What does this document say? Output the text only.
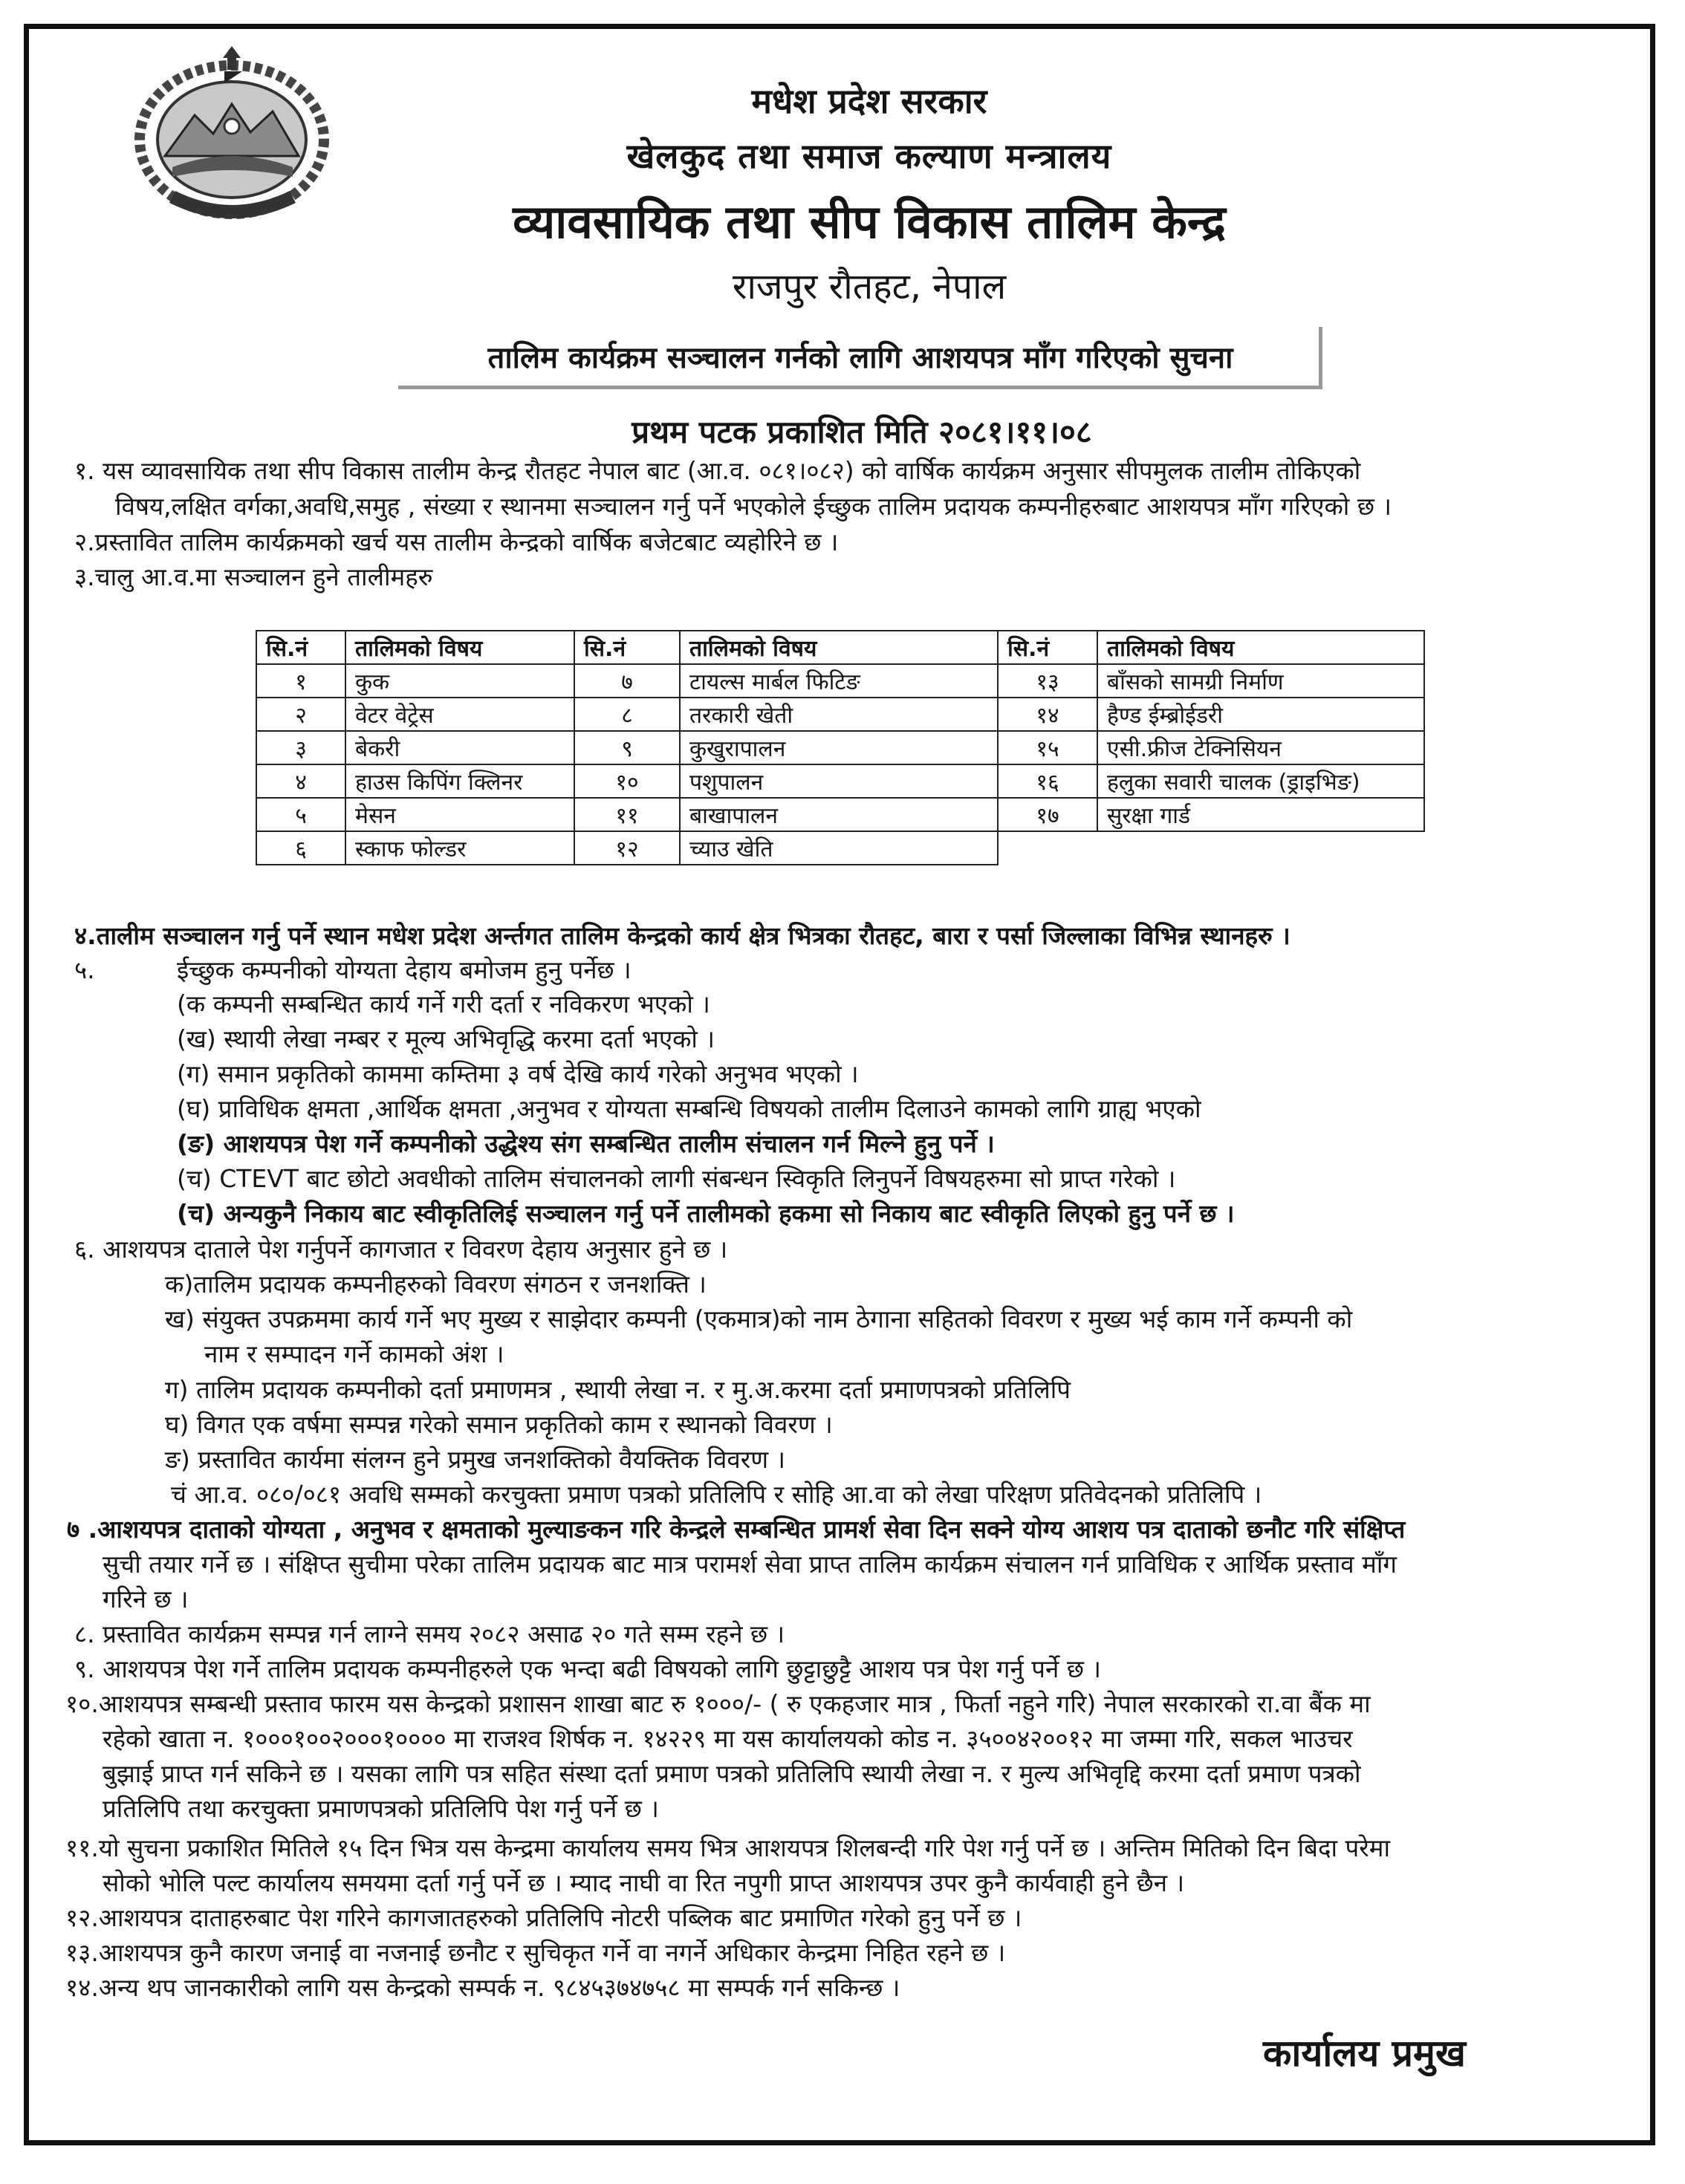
मधेश प्रदेश सरकार
खेलकुद तथा समाज कल्याण मन्त्रालय
व्यावसायिक तथा सीप विकास तालिम केन्द्र
राजपुर रौतहट, नेपाल
तालिम कार्यक्रम सञ्चालन गर्नको लागि आशयपत्र माँग गरिएको सुचना
प्रथम पटक प्रकाशित मिति २०८१।११।०८
१. यस व्यावसायिक तथा सीप विकास तालीम केन्द्र रौतहट नेपाल बाट (आ.व. ०८१।०८२) को वार्षिक कार्यक्रम अनुसार सीपमुलक तालीम तोकिएको
विषय,लक्षित वर्गका,अवधि,समुह , संख्या र स्थानमा सञ्चालन गर्नु पर्ने भएकोले ईच्छुक तालिम प्रदायक कम्पनीहरुबाट आशयपत्र माँग गरिएको छ ।
२.प्रस्तावित तालिम कार्यक्रमको खर्च यस तालीम केन्द्रको वार्षिक बजेटबाट व्यहोरिने छ ।
३.चालु आ.व.मा सञ्चालन हुने तालीमहरु
सि.नं	तालिमको विषय	सि.नं	तालिमको विषय	सि.नं	तालिमको विषय
१	कुक	७	टायल्स मार्बल फिटिङ	१३	बाँसको सामग्री निर्माण
२	वेटर वेट्रेस	८	तरकारी खेती	१४	हैण्ड ईम्ब्रोईडरी
३	बेकरी	९	कुखुरापालन	१५	एसी.फ्रीज टेक्निसियन
४	हाउस किपिंग क्लिनर	१०	पशुपालन	१६	हलुका सवारी चालक (ड्राइभिङ)
५	मेसन	११	बाखापालन	१७	सुरक्षा गार्ड
६	स्काफ फोल्डर	१२	च्याउ खेति		
४.तालीम सञ्चालन गर्नु पर्ने स्थान मधेश प्रदेश अर्न्तगत तालिम केन्द्रको कार्य क्षेत्र भित्रका रौतहट, बारा र पर्सा जिल्लाका विभिन्न स्थानहरु ।
५.	ईच्छुक कम्पनीको योग्यता देहाय बमोजम हुनु पर्नेछ ।
(क कम्पनी सम्बन्धित कार्य गर्ने गरी दर्ता र नविकरण भएको ।
(ख) स्थायी लेखा नम्बर र मूल्य अभिवृद्धि करमा दर्ता भएको ।
(ग) समान प्रकृतिको काममा कम्तिमा ३ वर्ष देखि कार्य गरेको अनुभव भएको ।
(घ) प्राविधिक क्षमता ,आर्थिक क्षमता ,अनुभव र योग्यता सम्बन्धि विषयको तालीम दिलाउने कामको लागि ग्राह्य भएको
(ङ) आशयपत्र पेश गर्ने कम्पनीको उद्धेश्य संग सम्बन्धित तालीम संचालन गर्न मिल्ने हुनु पर्ने ।
(च) CTEVT बाट छोटो अवधीको तालिम संचालनको लागी संबन्धन स्विकृति लिनुपर्ने विषयहरुमा सो प्राप्त गरेको ।
(च) अन्यकुनै निकाय बाट स्वीकृतिलिई सञ्चालन गर्नु पर्ने तालीमको हकमा सो निकाय बाट स्वीकृति लिएको हुनु पर्ने छ ।
६. आशयपत्र दाताले पेश गर्नुपर्ने कागजात र विवरण देहाय अनुसार हुने छ ।
क)तालिम प्रदायक कम्पनीहरुको विवरण संगठन र जनशक्ति ।
ख) संयुक्त उपक्रममा कार्य गर्ने भए मुख्य र साझेदार कम्पनी (एकमात्र)को नाम ठेगाना सहितको विवरण र मुख्य भई काम गर्ने कम्पनी को
नाम र सम्पादन गर्ने कामको अंश ।
ग) तालिम प्रदायक कम्पनीको दर्ता प्रमाणमत्र , स्थायी लेखा न. र मु.अ.करमा दर्ता प्रमाणपत्रको प्रतिलिपि
घ) विगत एक वर्षमा सम्पन्न गरेको समान प्रकृतिको काम र स्थानको विवरण ।
ङ) प्रस्तावित कार्यमा संलग्न हुने प्रमुख जनशक्तिको वैयक्तिक विवरण ।
चं आ.व. ०८०/०८१ अवधि सम्मको करचुक्ता प्रमाण पत्रको प्रतिलिपि र सोहि आ.वा को लेखा परिक्षण प्रतिवेदनको प्रतिलिपि ।
७ .आशयपत्र दाताको योग्यता , अनुभव र क्षमताको मुल्याङकन गरि केन्द्रले सम्बन्धित प्रामर्श सेवा दिन सक्ने योग्य आशय पत्र दाताको छनौट गरि संक्षिप्त
सुची तयार गर्ने छ । संक्षिप्त सुचीमा परेका तालिम प्रदायक बाट मात्र परामर्श सेवा प्राप्त तालिम कार्यक्रम संचालन गर्न प्राविधिक र आर्थिक प्रस्ताव माँग
गरिने छ ।
८. प्रस्तावित कार्यक्रम सम्पन्न गर्न लाग्ने समय २०८२ असाढ २० गते सम्म रहने छ ।
९. आशयपत्र पेश गर्ने तालिम प्रदायक कम्पनीहरुले एक भन्दा बढी विषयको लागि छुट्टाछुट्टै आशय पत्र पेश गर्नु पर्ने छ ।
१०.आशयपत्र सम्बन्धी प्रस्ताव फारम यस केन्द्रको प्रशासन शाखा बाट रु १०००/- ( रु एकहजार मात्र , फिर्ता नहुने गरि) नेपाल सरकारको रा.वा बैंक मा
रहेको खाता न. १०००१००२०००१०००० मा राजश्व शिर्षक न. १४२२९ मा यस कार्यालयको कोड न. ३५००४२००१२ मा जम्मा गरि, सकल भाउचर
बुझाई प्राप्त गर्न सकिने छ । यसका लागि पत्र सहित संस्था दर्ता प्रमाण पत्रको प्रतिलिपि स्थायी लेखा न. र मुल्य अभिवृद्दि करमा दर्ता प्रमाण पत्रको
प्रतिलिपि तथा करचुक्ता प्रमाणपत्रको प्रतिलिपि पेश गर्नु पर्ने छ ।
११.यो सुचना प्रकाशित मितिले १५ दिन भित्र यस केन्द्रमा कार्यालय समय भित्र आशयपत्र शिलबन्दी गरि पेश गर्नु पर्ने छ । अन्तिम मितिको दिन बिदा परेमा
सोको भोलि पल्ट कार्यालय समयमा दर्ता गर्नु पर्ने छ । म्याद नाघी वा रित नपुगी प्राप्त आशयपत्र उपर कुनै कार्यवाही हुने छैन ।
१२.आशयपत्र दाताहरुबाट पेश गरिने कागजातहरुको प्रतिलिपि नोटरी पब्लिक बाट प्रमाणित गरेको हुनु पर्ने छ ।
१३.आशयपत्र कुनै कारण जनाई वा नजनाई छनौट र सुचिकृत गर्ने वा नगर्ने अधिकार केन्द्रमा निहित रहने छ ।
१४.अन्य थप जानकारीको लागि यस केन्द्रको सम्पर्क न. ९८४५३७४७५८ मा सम्पर्क गर्न सकिन्छ ।
कार्यालय प्रमुख
